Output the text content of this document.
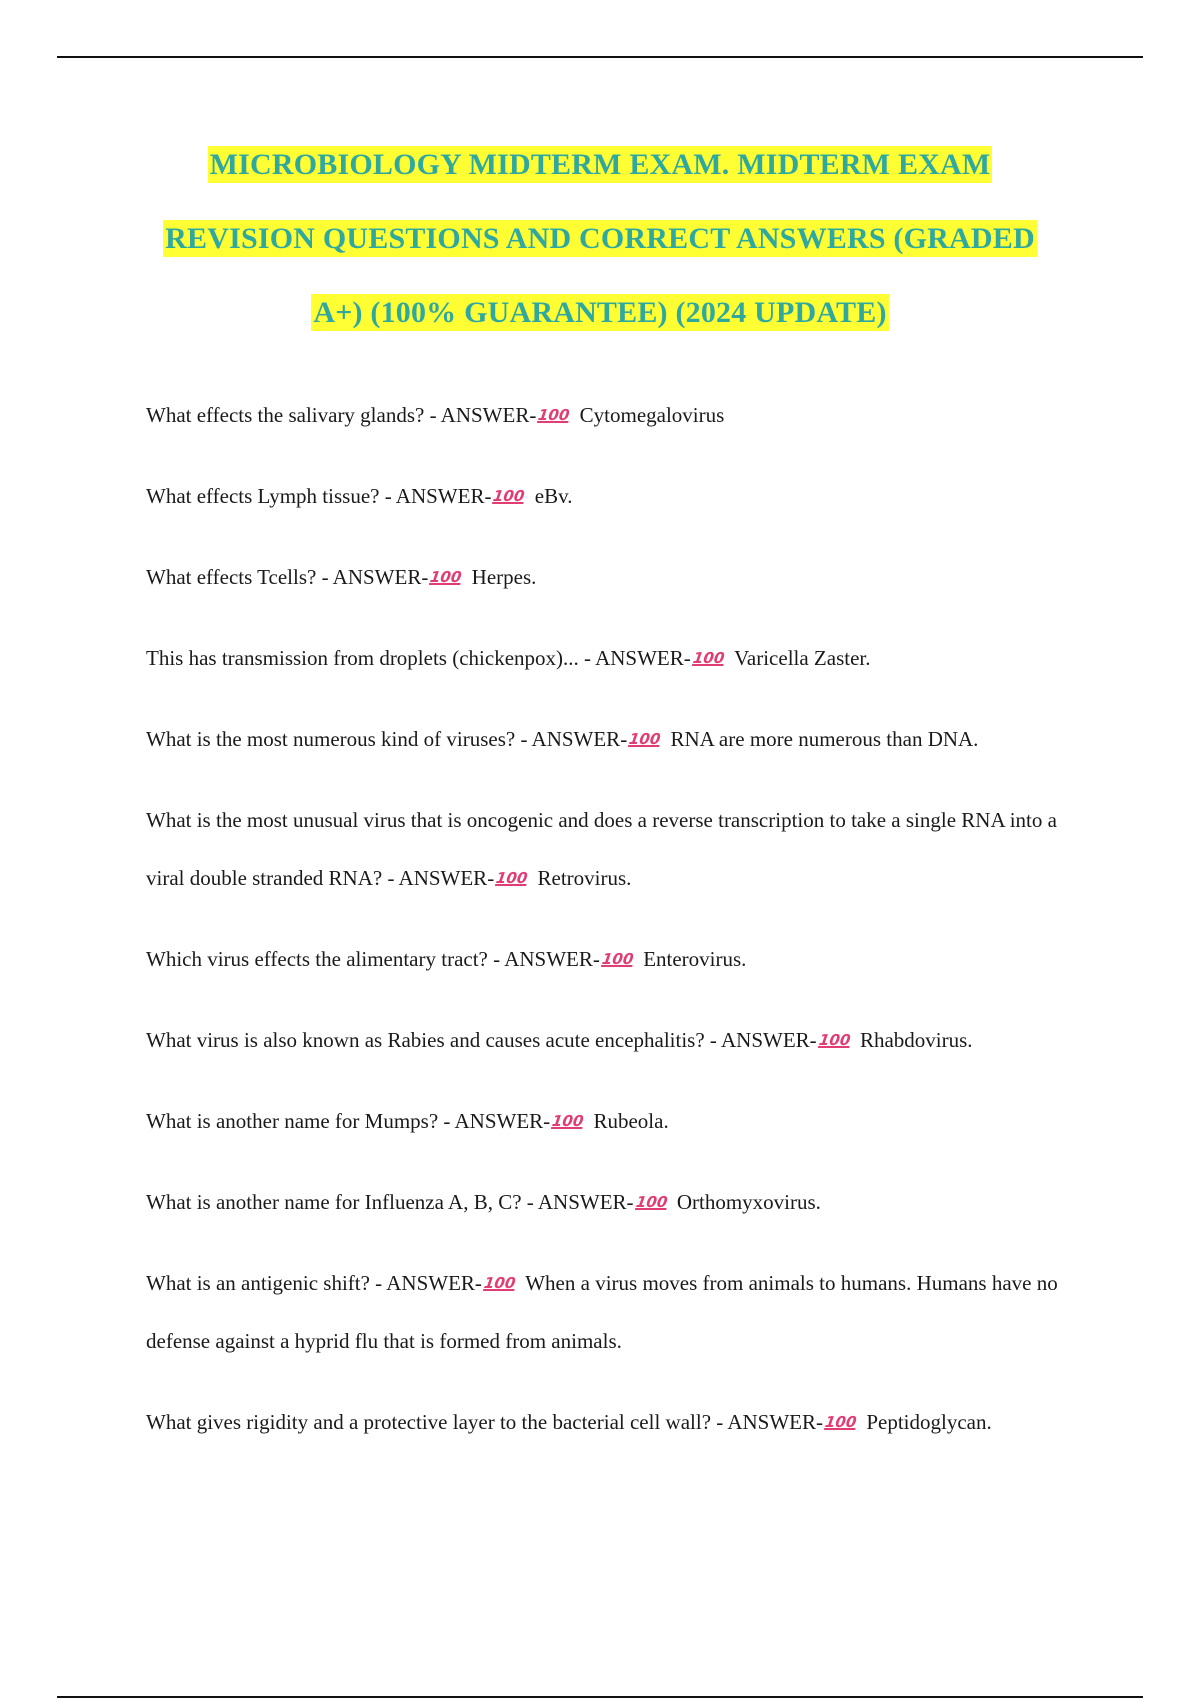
MICROBIOLOGY MIDTERM EXAM. MIDTERM EXAM
REVISION QUESTIONS AND CORRECT ANSWERS (GRADED
A+) (100% GUARANTEE) (2024 UPDATE)

What effects the salivary glands? - ANSWER-100 Cytomegalovirus

What effects Lymph tissue? - ANSWER-100 eBv.

What effects Tcells? - ANSWER-100 Herpes.

This has transmission from droplets (chickenpox)... - ANSWER-100 Varicella Zaster.

What is the most numerous kind of viruses? - ANSWER-100 RNA are more numerous than DNA.

What is the most unusual virus that is oncogenic and does a reverse transcription to take a single RNA into a viral double stranded RNA? - ANSWER-100 Retrovirus.

Which virus effects the alimentary tract? - ANSWER-100 Enterovirus.

What virus is also known as Rabies and causes acute encephalitis? - ANSWER-100 Rhabdovirus.

What is another name for Mumps? - ANSWER-100 Rubeola.

What is another name for Influenza A, B, C? - ANSWER-100 Orthomyxovirus.

What is an antigenic shift? - ANSWER-100 When a virus moves from animals to humans. Humans have no defense against a hyprid flu that is formed from animals.

What gives rigidity and a protective layer to the bacterial cell wall? - ANSWER-100 Peptidoglycan.
